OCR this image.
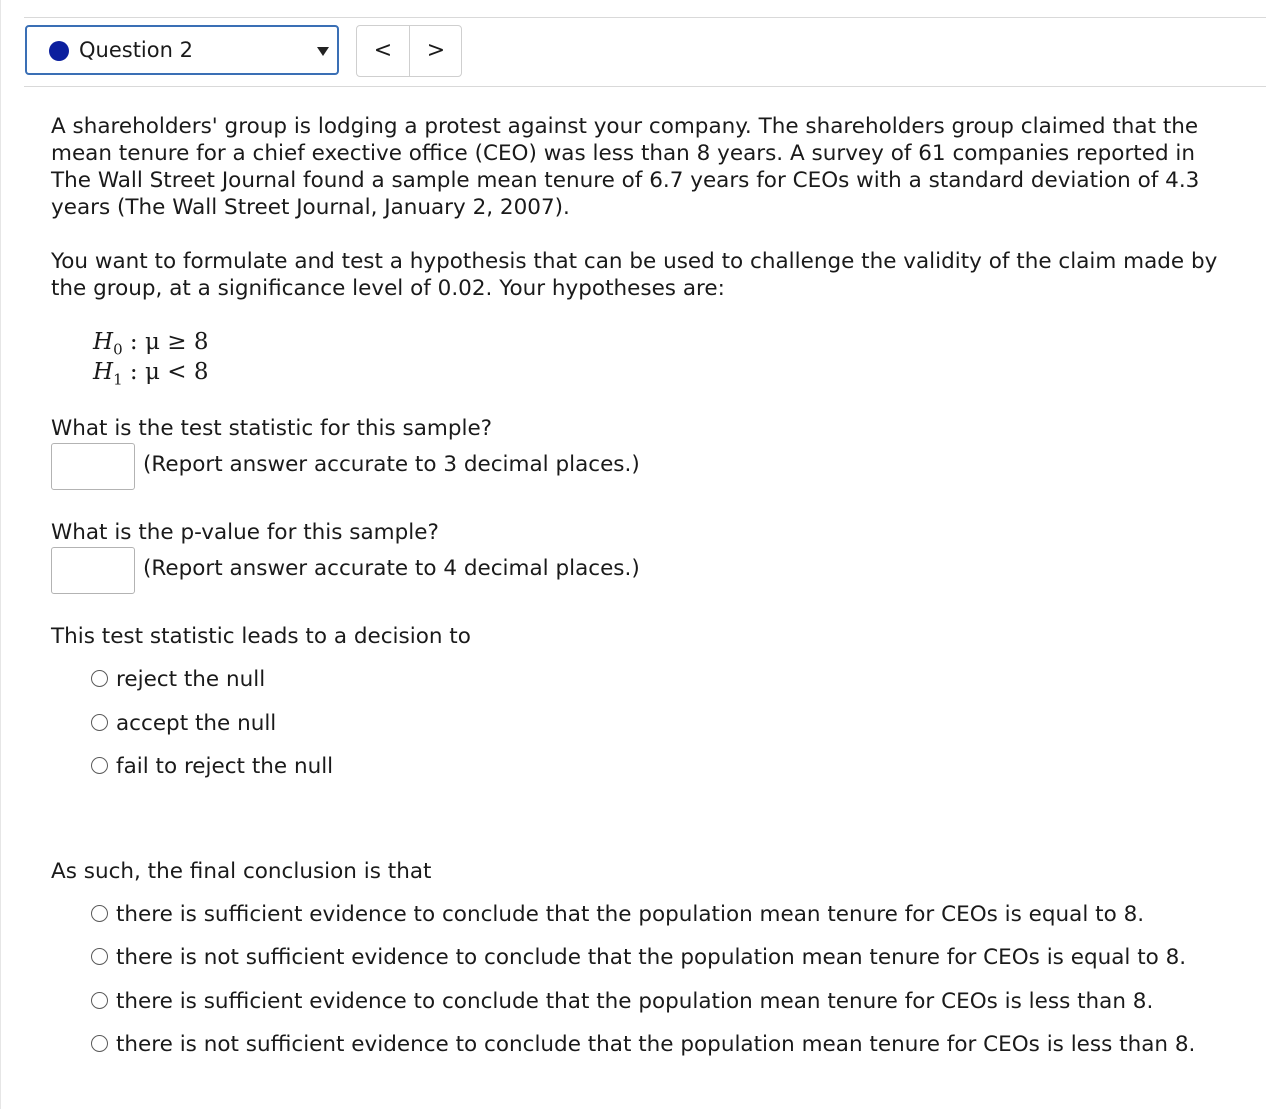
Question 2	<	>

A shareholders' group is lodging a protest against your company. The shareholders group claimed that the mean tenure for a chief exective office (CEO) was less than 8 years. A survey of 61 companies reported in The Wall Street Journal found a sample mean tenure of 6.7 years for CEOs with a standard deviation of 4.3 years (The Wall Street Journal, January 2, 2007).

You want to formulate and test a hypothesis that can be used to challenge the validity of the claim made by the group, at a significance level of 0.02. Your hypotheses are:

$H_0$ : μ ≥ 8
$H_1$ : μ < 8
What is the test statistic for this sample?
(Report answer accurate to 3 decimal places.)
What is the p-value for this sample?
(Report answer accurate to 4 decimal places.)
This test statistic leads to a decision to
reject the null
accept the null
fail to reject the null
As such, the final conclusion is that
there is sufficient evidence to conclude that the population mean tenure for CEOs is equal to 8.
there is not sufficient evidence to conclude that the population mean tenure for CEOs is equal to 8.
there is sufficient evidence to conclude that the population mean tenure for CEOs is less than 8.
there is not sufficient evidence to conclude that the population mean tenure for CEOs is less than 8.
